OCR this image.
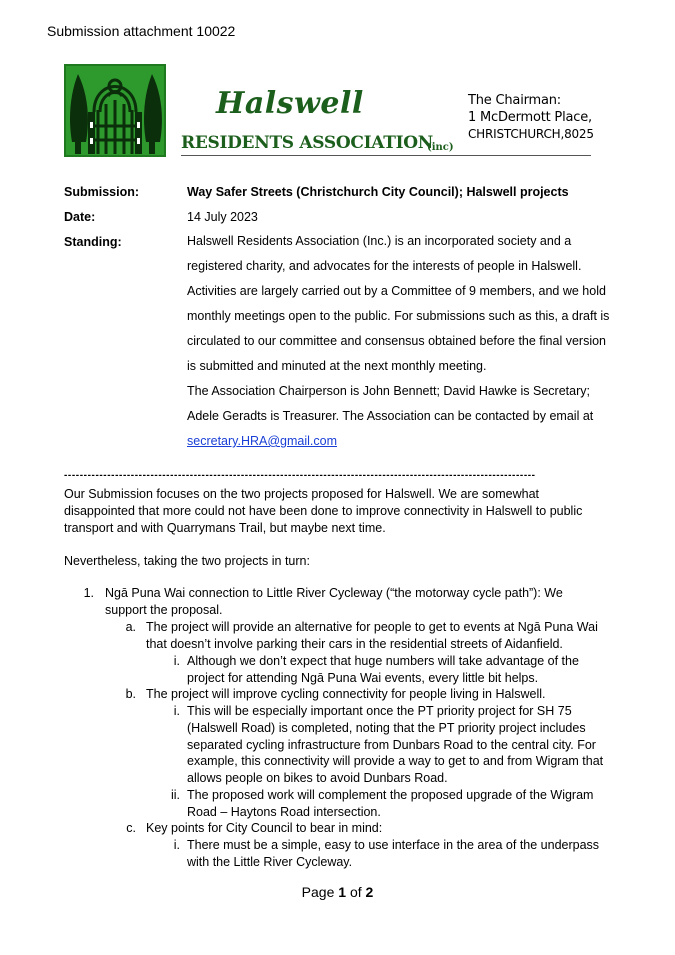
Submission attachment 10022
Halswell
RESIDENTS ASSOCIATION
(inc)
The Chairman:
1 McDermott Place,
CHRISTCHURCH,8025
Submission:	Way Safer Streets (Christchurch City Council); Halswell projects
Date:	14 July 2023
Standing:	Halswell Residents Association (Inc.) is an incorporated society and a
registered charity, and advocates for the interests of people in Halswell.
Activities are largely carried out by a Committee of 9 members, and we hold
monthly meetings open to the public. For submissions such as this, a draft is
circulated to our committee and consensus obtained before the final version
is submitted and minuted at the next monthly meeting.
The Association Chairperson is John Bennett; David Hawke is Secretary;
Adele Geradts is Treasurer. The Association can be contacted by email at
secretary.HRA@gmail.com
------------------------------------------------------------------------------------------------------------------------
Our Submission focuses on the two projects proposed for Halswell. We are somewhat
disappointed that more could not have been done to improve connectivity in Halswell to public
transport and with Quarrymans Trail, but maybe next time.
Nevertheless, taking the two projects in turn:
1. Ngā Puna Wai connection to Little River Cycleway (“the motorway cycle path”): We
support the proposal.
a. The project will provide an alternative for people to get to events at Ngā Puna Wai
that doesn’t involve parking their cars in the residential streets of Aidanfield.
i. Although we don’t expect that huge numbers will take advantage of the
project for attending Ngā Puna Wai events, every little bit helps.
b. The project will improve cycling connectivity for people living in Halswell.
i. This will be especially important once the PT priority project for SH 75
(Halswell Road) is completed, noting that the PT priority project includes
separated cycling infrastructure from Dunbars Road to the central city. For
example, this connectivity will provide a way to get to and from Wigram that
allows people on bikes to avoid Dunbars Road.
ii. The proposed work will complement the proposed upgrade of the Wigram
Road – Haytons Road intersection.
c. Key points for City Council to bear in mind:
i. There must be a simple, easy to use interface in the area of the underpass
with the Little River Cycleway.
Page 1 of 2
